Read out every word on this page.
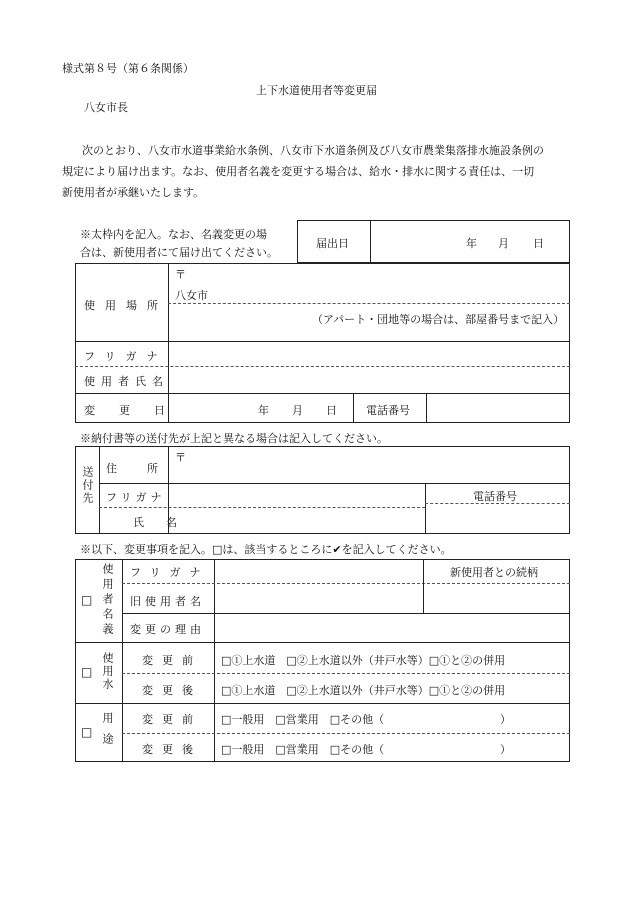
様式第８号（第６条関係）
上下水道使用者等変更届
八女市長
次のとおり、八女市水道事業給水条例、八女市下水道条例及び八女市農業集落排水施設条例の
規定により届け出ます。なお、使用者名義を変更する場合は、給水・排水に関する責任は、一切
新使用者が承継いたします。
※太枠内を記入。なお、名義変更の場
合は、新使用者にて届け出てください。
届出日	年 月 日
使用場所
〒
八女市
（アパート・団地等の場合は、部屋番号まで記入）
フリガナ
使用者氏名
変更日	年 月 日	電話番号
※納付書等の送付先が上記と異なる場合は記入してください。
送付先 住所
〒
フリガナ	電話番号
氏名
※以下、変更事項を記入。□は、該当するところに✔を記入してください。
□ 使用者名義 フリガナ	新使用者との続柄
旧使用者名
変更の理由
□ 使用水	変更前 □①上水道　□②上水道以外（井戸水等）□①と②の併用
変更後 □①上水道　□②上水道以外（井戸水等）□①と②の併用
□ 用途	変更前 □一般用　□営業用　□その他（	）
変更後 □一般用　□営業用　□その他（	）
